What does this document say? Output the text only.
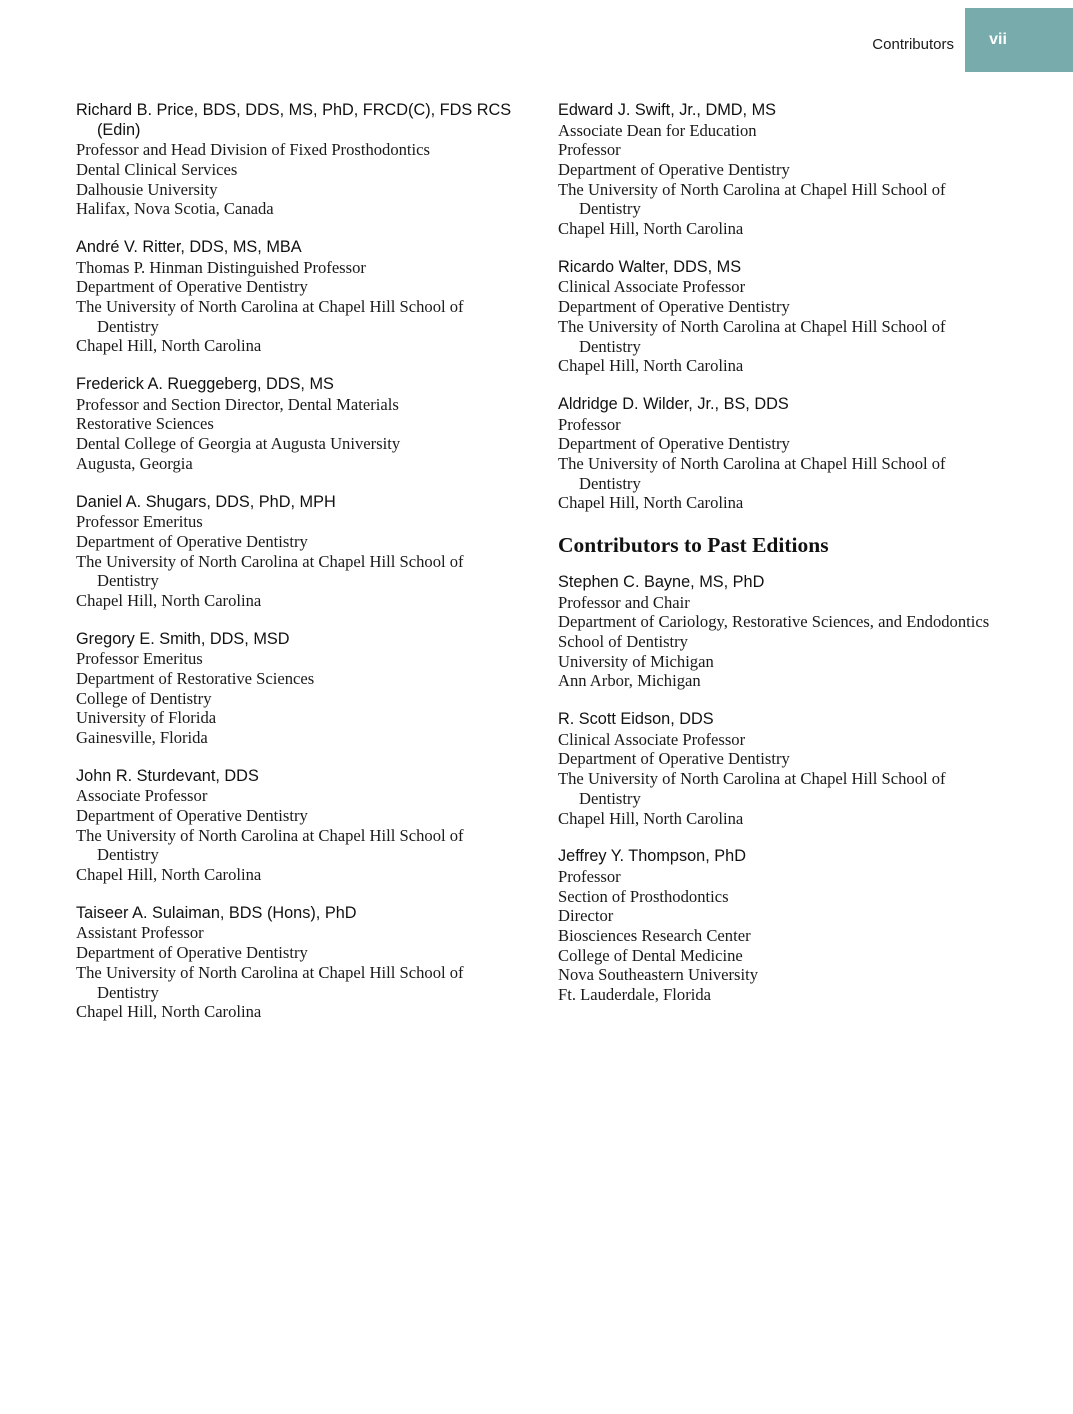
Contributors	vii
Richard B. Price, BDS, DDS, MS, PhD, FRCD(C), FDS RCS (Edin)
Professor and Head Division of Fixed Prosthodontics
Dental Clinical Services
Dalhousie University
Halifax, Nova Scotia, Canada
André V. Ritter, DDS, MS, MBA
Thomas P. Hinman Distinguished Professor
Department of Operative Dentistry
The University of North Carolina at Chapel Hill School of Dentistry
Chapel Hill, North Carolina
Frederick A. Rueggeberg, DDS, MS
Professor and Section Director, Dental Materials
Restorative Sciences
Dental College of Georgia at Augusta University
Augusta, Georgia
Daniel A. Shugars, DDS, PhD, MPH
Professor Emeritus
Department of Operative Dentistry
The University of North Carolina at Chapel Hill School of Dentistry
Chapel Hill, North Carolina
Gregory E. Smith, DDS, MSD
Professor Emeritus
Department of Restorative Sciences
College of Dentistry
University of Florida
Gainesville, Florida
John R. Sturdevant, DDS
Associate Professor
Department of Operative Dentistry
The University of North Carolina at Chapel Hill School of Dentistry
Chapel Hill, North Carolina
Taiseer A. Sulaiman, BDS (Hons), PhD
Assistant Professor
Department of Operative Dentistry
The University of North Carolina at Chapel Hill School of Dentistry
Chapel Hill, North Carolina
Edward J. Swift, Jr., DMD, MS
Associate Dean for Education
Professor
Department of Operative Dentistry
The University of North Carolina at Chapel Hill School of Dentistry
Chapel Hill, North Carolina
Ricardo Walter, DDS, MS
Clinical Associate Professor
Department of Operative Dentistry
The University of North Carolina at Chapel Hill School of Dentistry
Chapel Hill, North Carolina
Aldridge D. Wilder, Jr., BS, DDS
Professor
Department of Operative Dentistry
The University of North Carolina at Chapel Hill School of Dentistry
Chapel Hill, North Carolina
Contributors to Past Editions
Stephen C. Bayne, MS, PhD
Professor and Chair
Department of Cariology, Restorative Sciences, and Endodontics
School of Dentistry
University of Michigan
Ann Arbor, Michigan
R. Scott Eidson, DDS
Clinical Associate Professor
Department of Operative Dentistry
The University of North Carolina at Chapel Hill School of Dentistry
Chapel Hill, North Carolina
Jeffrey Y. Thompson, PhD
Professor
Section of Prosthodontics
Director
Biosciences Research Center
College of Dental Medicine
Nova Southeastern University
Ft. Lauderdale, Florida
